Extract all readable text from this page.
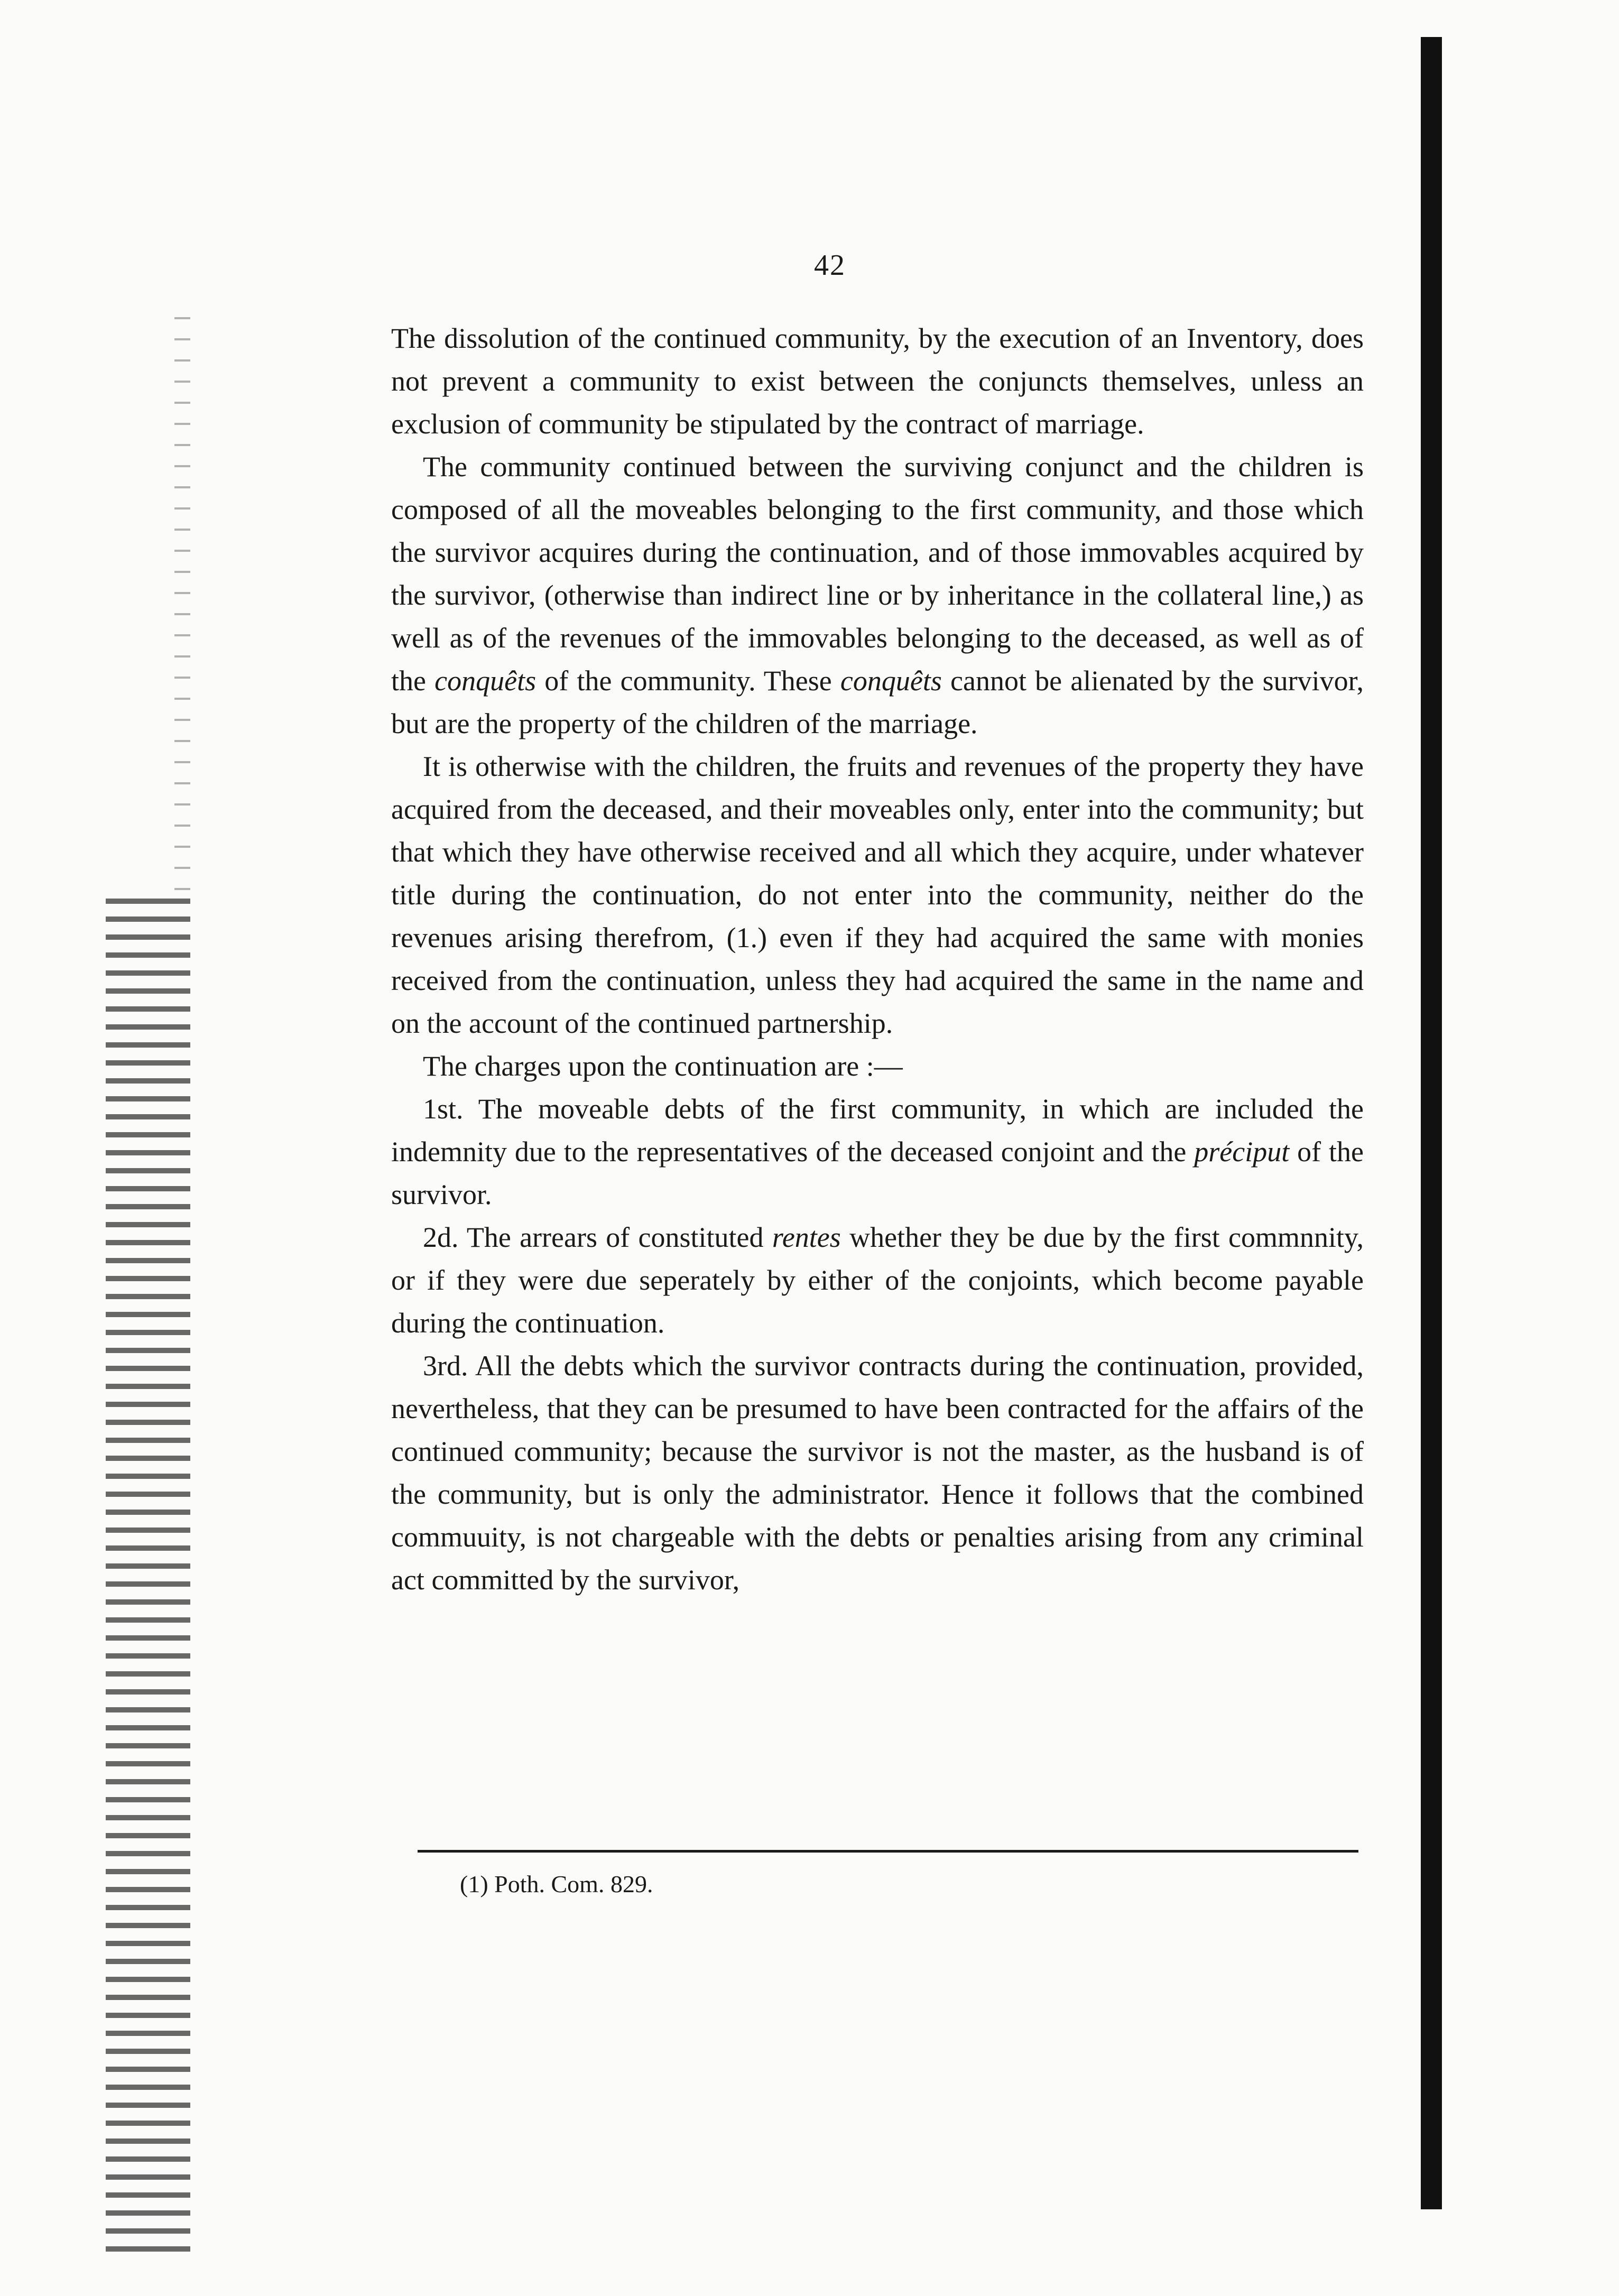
42

The dissolution of the continued community, by the execution of an Inventory, does not prevent a community to exist between the conjuncts themselves, unless an exclusion of community be stipulated by the contract of marriage.

The community continued between the surviving conjunct and the children is composed of all the moveables belonging to the first community, and those which the survivor acquires during the continuation, and of those immovables acquired by the survivor, (otherwise than indirect line or by inheritance in the collateral line,) as well as of the revenues of the immovables belonging to the deceased, as well as of the conquêts of the community. These conquêts cannot be alienated by the survivor, but are the property of the children of the marriage.

It is otherwise with the children, the fruits and revenues of the property they have acquired from the deceased, and their moveables only, enter into the community; but that which they have otherwise received and all which they acquire, under whatever title during the continuation, do not enter into the community, neither do the revenues arising therefrom, (1.) even if they had acquired the same with monies received from the continuation, unless they had acquired the same in the name and on the account of the continued partnership.

The charges upon the continuation are :—

1st. The moveable debts of the first community, in which are included the indemnity due to the representatives of the deceased conjoint and the préciput of the survivor.

2d. The arrears of constituted rentes whether they be due by the first commnnity, or if they were due seperately by either of the conjoints, which become payable during the continuation.

3rd. All the debts which the survivor contracts during the continuation, provided, nevertheless, that they can be presumed to have been contracted for the affairs of the continued community; because the survivor is not the master, as the husband is of the community, but is only the administrator. Hence it follows that the combined commuuity, is not chargeable with the debts or penalties arising from any criminal act committed by the survivor,

(1) Poth. Com. 829.
